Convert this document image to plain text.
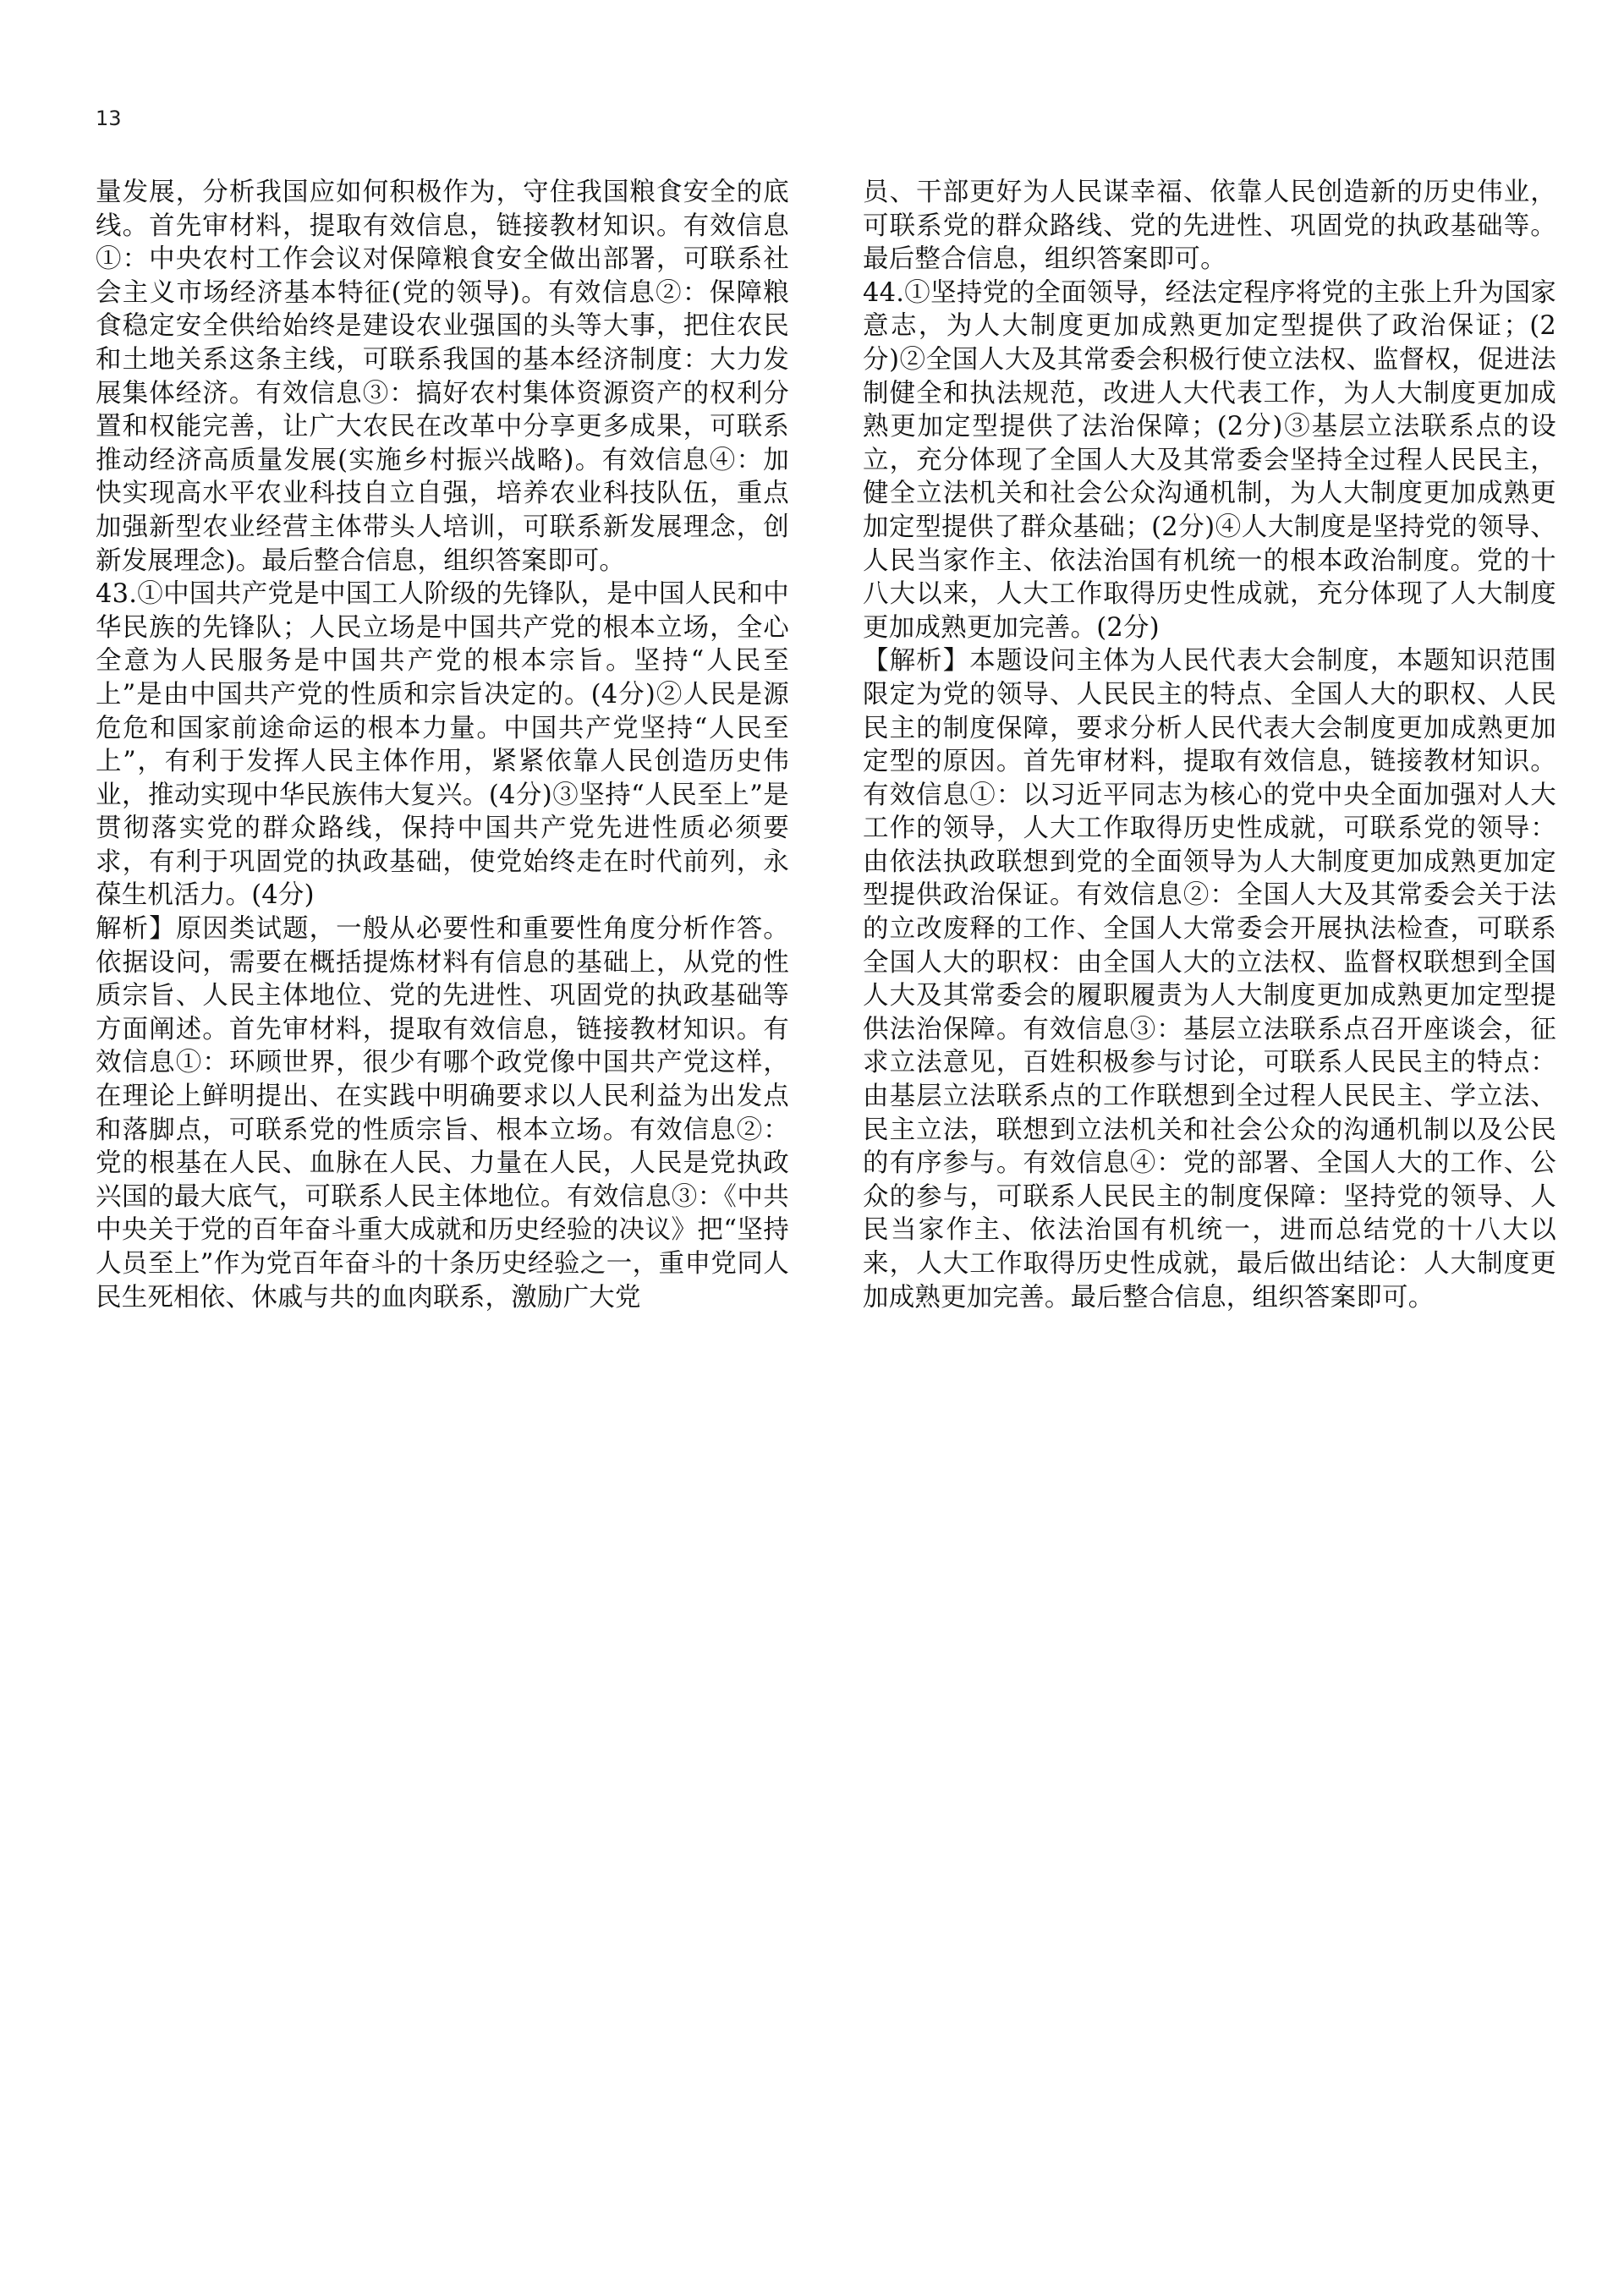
13

量发展，分析我国应如何积极作为，守住我国粮食安全的底线。首先审材料，提取有效信息，链接教材知识。有效信息①：中央农村工作会议对保障粮食安全做出部署，可联系社会主义市场经济基本特征(党的领导)。有效信息②：保障粮食稳定安全供给始终是建设农业强国的头等大事，把住农民和土地关系这条主线，可联系我国的基本经济制度：大力发展集体经济。有效信息③：搞好农村集体资源资产的权利分置和权能完善，让广大农民在改革中分享更多成果，可联系推动经济高质量发展(实施乡村振兴战略)。有效信息④：加快实现高水平农业科技自立自强，培养农业科技队伍，重点加强新型农业经营主体带头人培训，可联系新发展理念，创新发展理念)。最后整合信息，组织答案即可。

43.①中国共产党是中国工人阶级的先锋队，是中国人民和中华民族的先锋队；人民立场是中国共产党的根本立场，全心全意为人民服务是中国共产党的根本宗旨。坚持“人民至上”是由中国共产党的性质和宗旨决定的。(4分)②人民是源危危和国家前途命运的根本力量。中国共产党坚持“人民至上”，有利于发挥人民主体作用，紧紧依靠人民创造历史伟业，推动实现中华民族伟大复兴。(4分)③坚持“人民至上”是贯彻落实党的群众路线，保持中国共产党先进性质必须要求，有利于巩固党的执政基础，使党始终走在时代前列，永葆生机活力。(4分)

解析】原因类试题，一般从必要性和重要性角度分析作答。依据设问，需要在概括提炼材料有信息的基础上，从党的性质宗旨、人民主体地位、党的先进性、巩固党的执政基础等方面阐述。首先审材料，提取有效信息，链接教材知识。有效信息①：环顾世界，很少有哪个政党像中国共产党这样，在理论上鲜明提出、在实践中明确要求以人民利益为出发点和落脚点，可联系党的性质宗旨、根本立场。有效信息②：党的根基在人民、血脉在人民、力量在人民，人民是党执政兴国的最大底气，可联系人民主体地位。有效信息③：《中共中央关于党的百年奋斗重大成就和历史经验的决议》把“坚持人员至上”作为党百年奋斗的十条历史经验之一，重申党同人民生死相依、休戚与共的血肉联系，激励广大党

员、干部更好为人民谋幸福、依靠人民创造新的历史伟业，可联系党的群众路线、党的先进性、巩固党的执政基础等。最后整合信息，组织答案即可。

44.①坚持党的全面领导，经法定程序将党的主张上升为国家意志，为人大制度更加成熟更加定型提供了政治保证；(2分)②全国人大及其常委会积极行使立法权、监督权，促进法制健全和执法规范，改进人大代表工作，为人大制度更加成熟更加定型提供了法治保障；(2分)③基层立法联系点的设立，充分体现了全国人大及其常委会坚持全过程人民民主，健全立法机关和社会公众沟通机制，为人大制度更加成熟更加定型提供了群众基础；(2分)④人大制度是坚持党的领导、人民当家作主、依法治国有机统一的根本政治制度。党的十八大以来，人大工作取得历史性成就，充分体现了人大制度更加成熟更加完善。(2分)

【解析】本题设问主体为人民代表大会制度，本题知识范围限定为党的领导、人民民主的特点、全国人大的职权、人民民主的制度保障，要求分析人民代表大会制度更加成熟更加定型的原因。首先审材料，提取有效信息，链接教材知识。有效信息①：以习近平同志为核心的党中央全面加强对人大工作的领导，人大工作取得历史性成就，可联系党的领导：由依法执政联想到党的全面领导为人大制度更加成熟更加定型提供政治保证。有效信息②：全国人大及其常委会关于法的立改废释的工作、全国人大常委会开展执法检查，可联系全国人大的职权：由全国人大的立法权、监督权联想到全国人大及其常委会的履职履责为人大制度更加成熟更加定型提供法治保障。有效信息③：基层立法联系点召开座谈会，征求立法意见，百姓积极参与讨论，可联系人民民主的特点：由基层立法联系点的工作联想到全过程人民民主、学立法、民主立法，联想到立法机关和社会公众的沟通机制以及公民的有序参与。有效信息④：党的部署、全国人大的工作、公众的参与，可联系人民民主的制度保障：坚持党的领导、人民当家作主、依法治国有机统一，进而总结党的十八大以来，人大工作取得历史性成就，最后做出结论：人大制度更加成熟更加完善。最后整合信息，组织答案即可。
